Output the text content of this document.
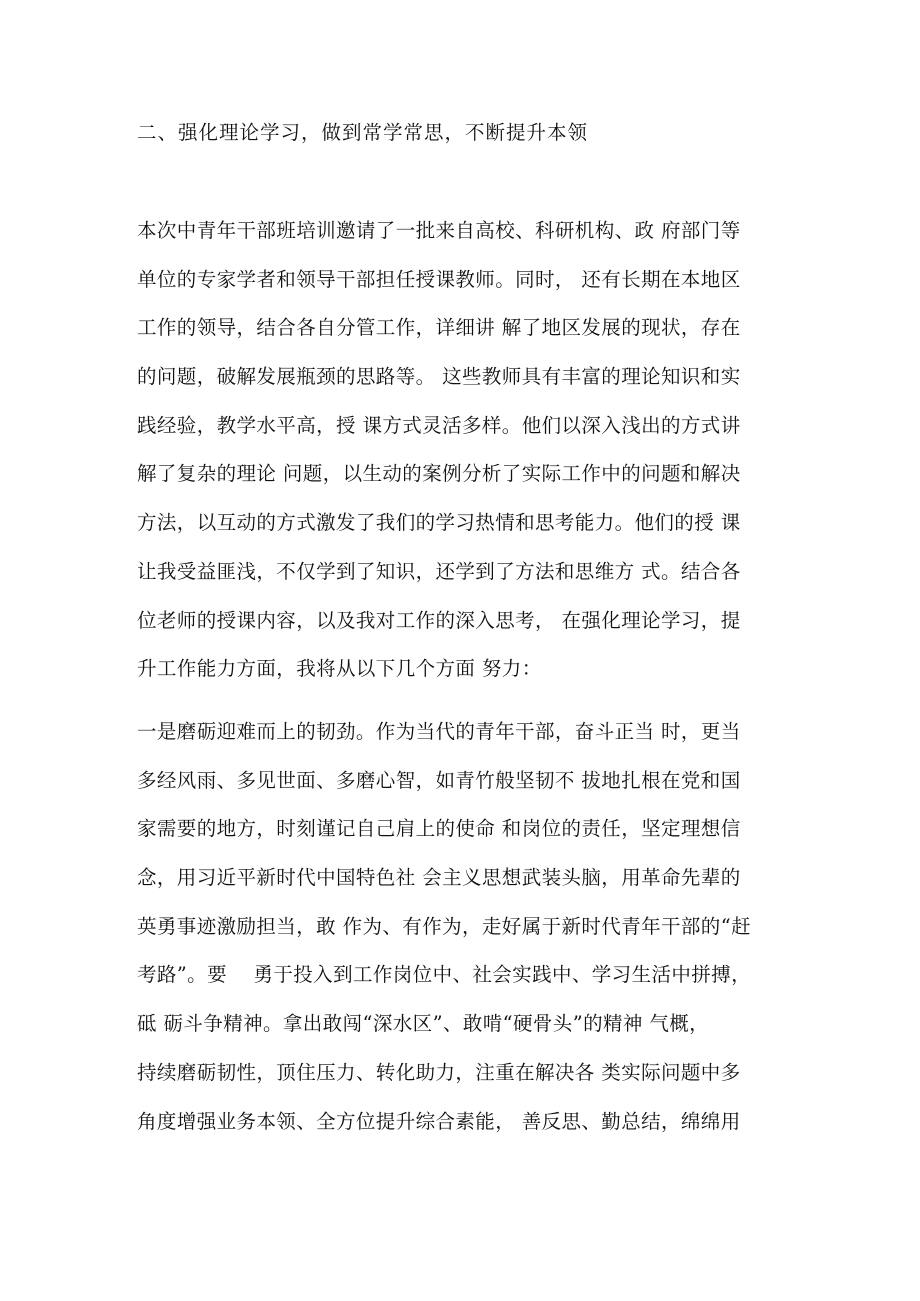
二、强化理论学习，做到常学常思，不断提升本领
本次中青年干部班培训邀请了一批来自高校、科研机构、政 府部门等
单位的专家学者和领导干部担任授课教师。同时， 还有长期在本地区
工作的领导，结合各自分管工作，详细讲 解了地区发展的现状，存在
的问题，破解发展瓶颈的思路等。 这些教师具有丰富的理论知识和实
践经验，教学水平高，授 课方式灵活多样。他们以深入浅出的方式讲
解了复杂的理论 问题，以生动的案例分析了实际工作中的问题和解决
方法，以互动的方式激发了我们的学习热情和思考能力。他们的授 课
让我受益匪浅，不仅学到了知识，还学到了方法和思维方 式。结合各
位老师的授课内容，以及我对工作的深入思考， 在强化理论学习，提
升工作能力方面，我将从以下几个方面 努力：
一是磨砺迎难而上的韧劲。作为当代的青年干部，奋斗正当 时，更当
多经风雨、多见世面、多磨心智，如青竹般坚韧不 拔地扎根在党和国
家需要的地方，时刻谨记自己肩上的使命 和岗位的责任，坚定理想信
念，用习近平新时代中国特色社 会主义思想武装头脑，用革命先辈的
英勇事迹激励担当，敢 作为、有作为，走好属于新时代青年干部的“赶
考路”。要　 勇于投入到工作岗位中、社会实践中、学习生活中拼搏，
砥 砺斗争精神。拿出敢闯“深水区”、敢啃“硬骨头”的精神 气概，
持续磨砺韧性，顶住压力、转化助力，注重在解决各 类实际问题中多
角度增强业务本领、全方位提升综合素能， 善反思、勤总结，绵绵用
